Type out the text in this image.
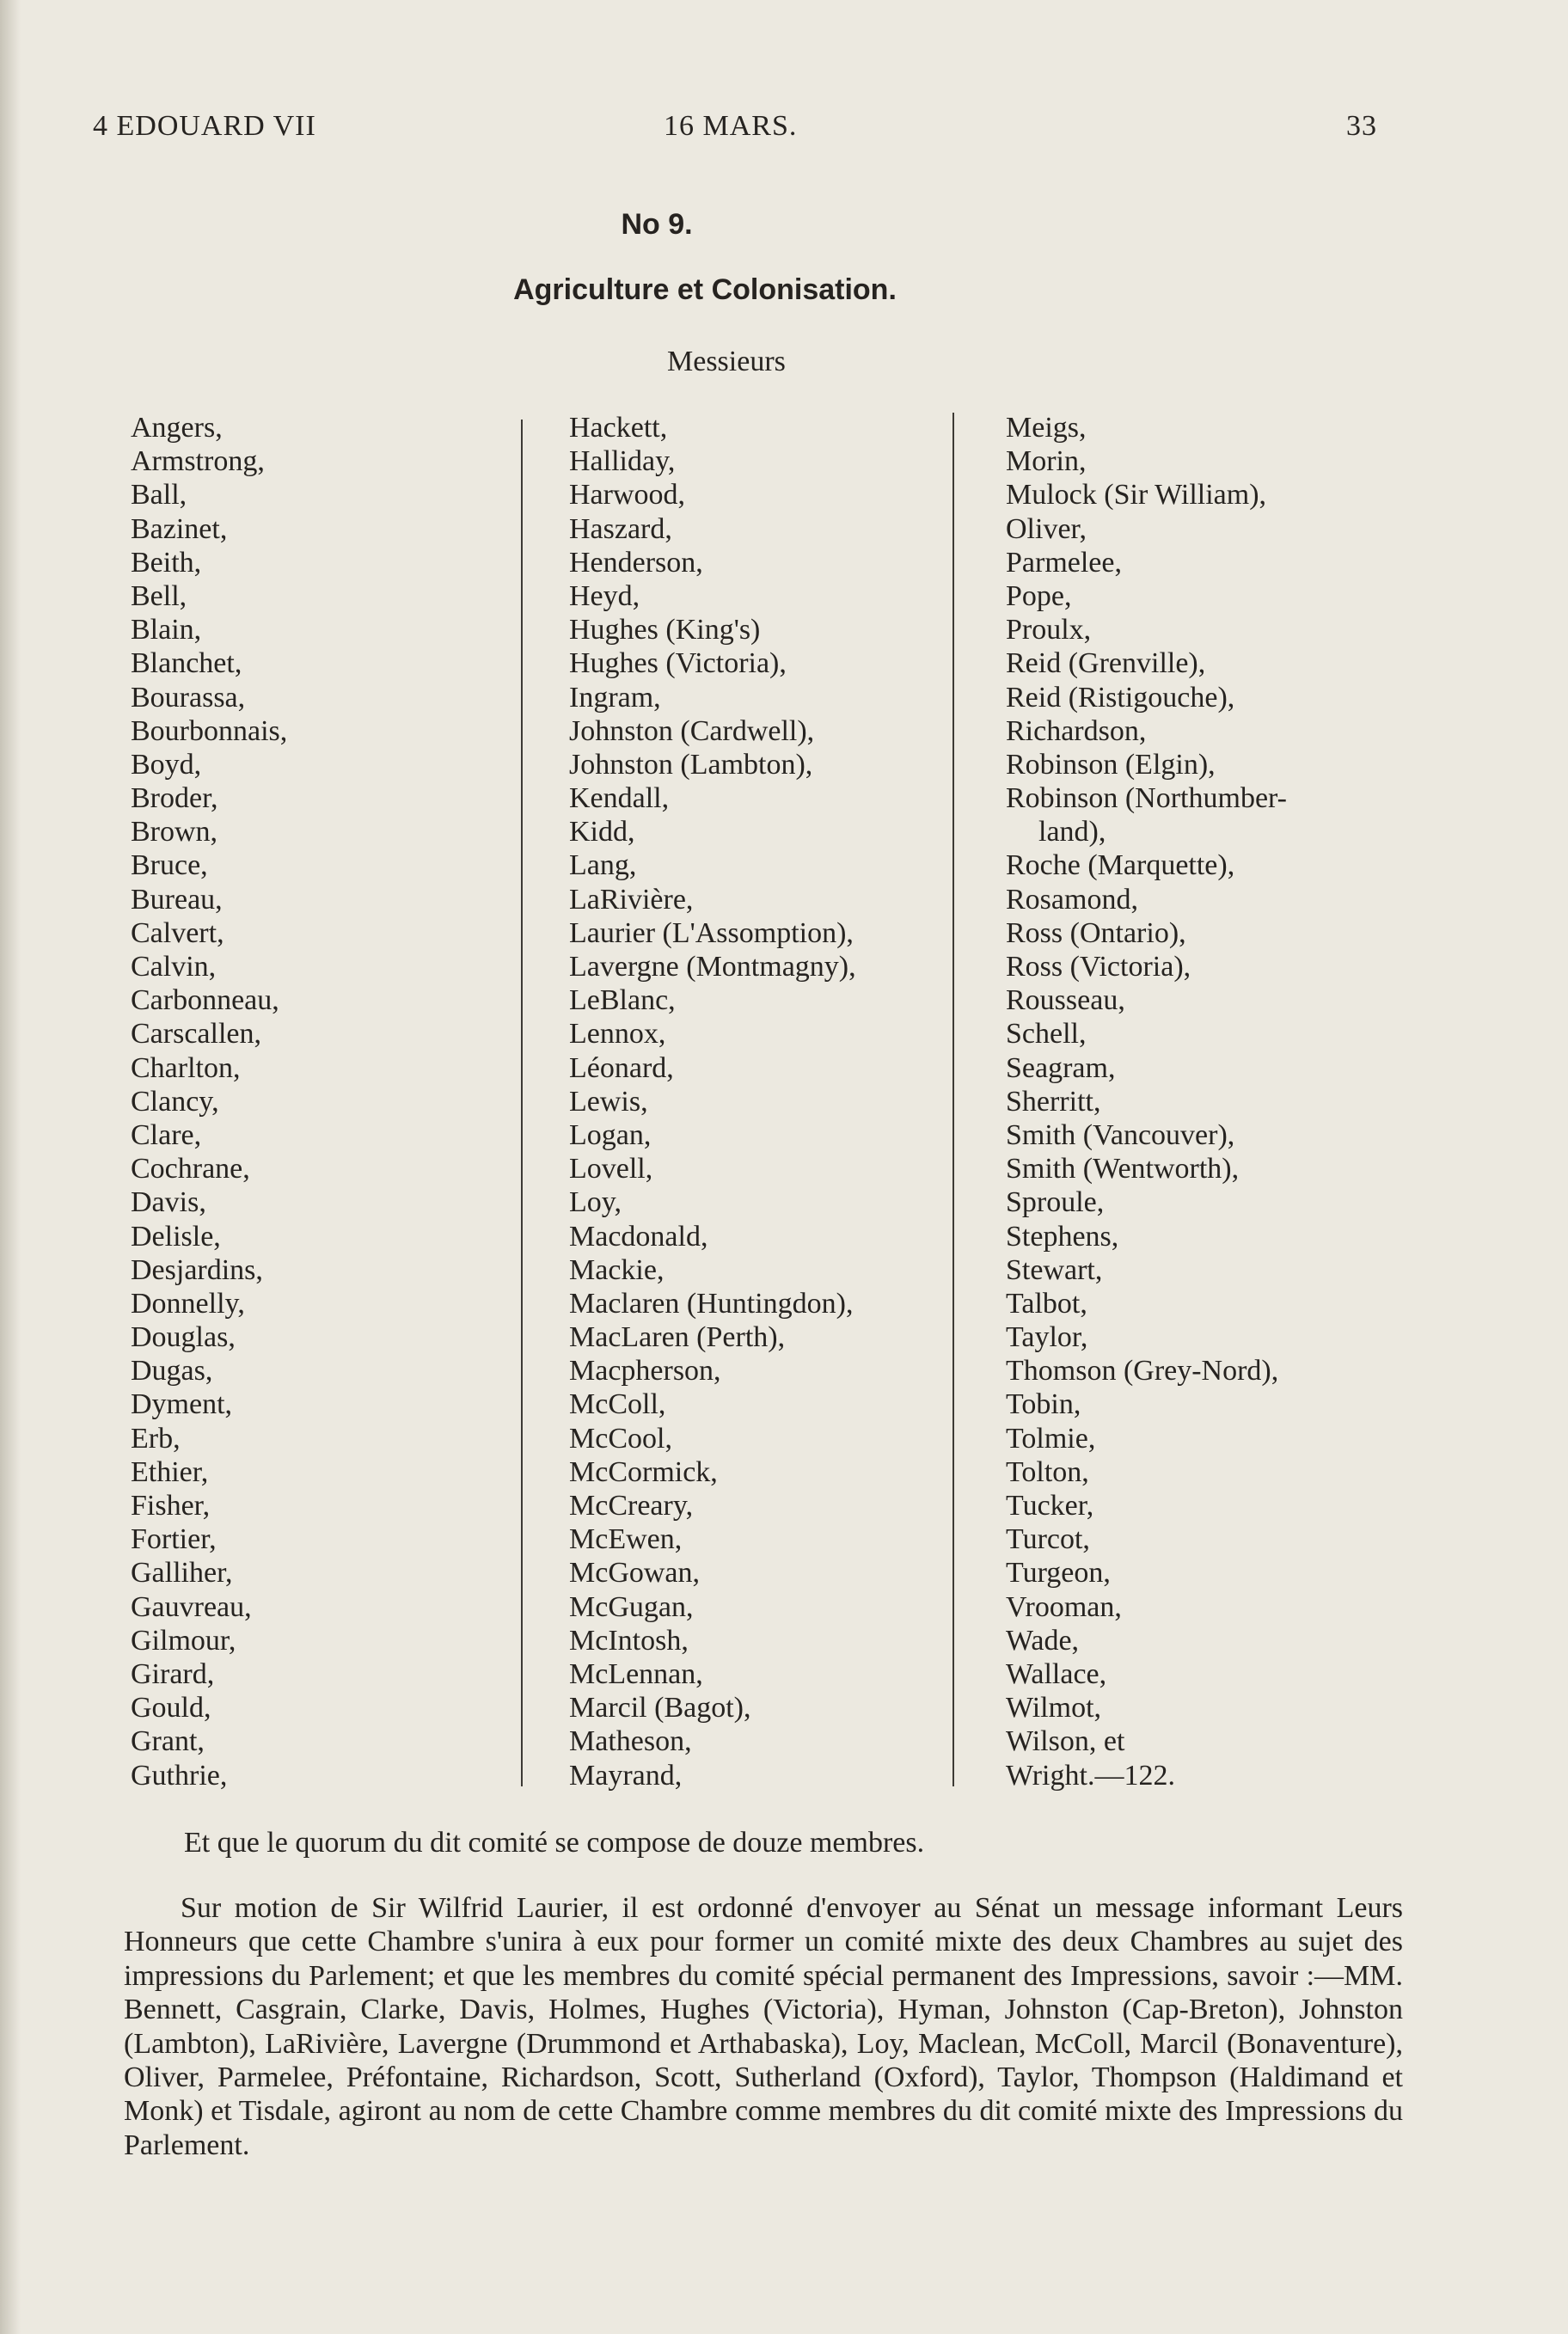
4 EDOUARD VII	16 MARS.	33
No 9.
Agriculture et Colonisation.
Messieurs
Angers,
Armstrong,
Ball,
Bazinet,
Beith,
Bell,
Blain,
Blanchet,
Bourassa,
Bourbonnais,
Boyd,
Broder,
Brown,
Bruce,
Bureau,
Calvert,
Calvin,
Carbonneau,
Carscallen,
Charlton,
Clancy,
Clare,
Cochrane,
Davis,
Delisle,
Desjardins,
Donnelly,
Douglas,
Dugas,
Dyment,
Erb,
Ethier,
Fisher,
Fortier,
Galliher,
Gauvreau,
Gilmour,
Girard,
Gould,
Grant,
Guthrie,
Hackett,
Halliday,
Harwood,
Haszard,
Henderson,
Heyd,
Hughes (King's)
Hughes (Victoria),
Ingram,
Johnston (Cardwell),
Johnston (Lambton),
Kendall,
Kidd,
Lang,
LaRivière,
Laurier (L'Assomption),
Lavergne (Montmagny),
LeBlanc,
Lennox,
Léonard,
Lewis,
Logan,
Lovell,
Loy,
Macdonald,
Mackie,
Maclaren (Huntingdon),
MacLaren (Perth),
Macpherson,
McColl,
McCool,
McCormick,
McCreary,
McEwen,
McGowan,
McGugan,
McIntosh,
McLennan,
Marcil (Bagot),
Matheson,
Mayrand,
Meigs,
Morin,
Mulock (Sir William),
Oliver,
Parmelee,
Pope,
Proulx,
Reid (Grenville),
Reid (Ristigouche),
Richardson,
Robinson (Elgin),
Robinson (Northumber-
land),
Roche (Marquette),
Rosamond,
Ross (Ontario),
Ross (Victoria),
Rousseau,
Schell,
Seagram,
Sherritt,
Smith (Vancouver),
Smith (Wentworth),
Sproule,
Stephens,
Stewart,
Talbot,
Taylor,
Thomson (Grey-Nord),
Tobin,
Tolmie,
Tolton,
Tucker,
Turcot,
Turgeon,
Vrooman,
Wade,
Wallace,
Wilmot,
Wilson, et
Wright.—122.
Et que le quorum du dit comité se compose de douze membres.
Sur motion de Sir Wilfrid Laurier, il est ordonné d'envoyer au Sénat un message informant Leurs Honneurs que cette Chambre s'unira à eux pour former un comité mixte des deux Chambres au sujet des impressions du Parlement; et que les membres du comité spécial permanent des Impressions, savoir :—MM. Bennett, Casgrain, Clarke, Davis, Holmes, Hughes (Victoria), Hyman, Johnston (Cap-Breton), Johnston (Lambton), LaRivière, Lavergne (Drummond et Arthabaska), Loy, Maclean, McColl, Marcil (Bonaventure), Oliver, Parmelee, Préfontaine, Richardson, Scott, Sutherland (Oxford), Taylor, Thompson (Haldimand et Monk) et Tisdale, agiront au nom de cette Chambre comme membres du dit comité mixte des Impressions du Parlement.
